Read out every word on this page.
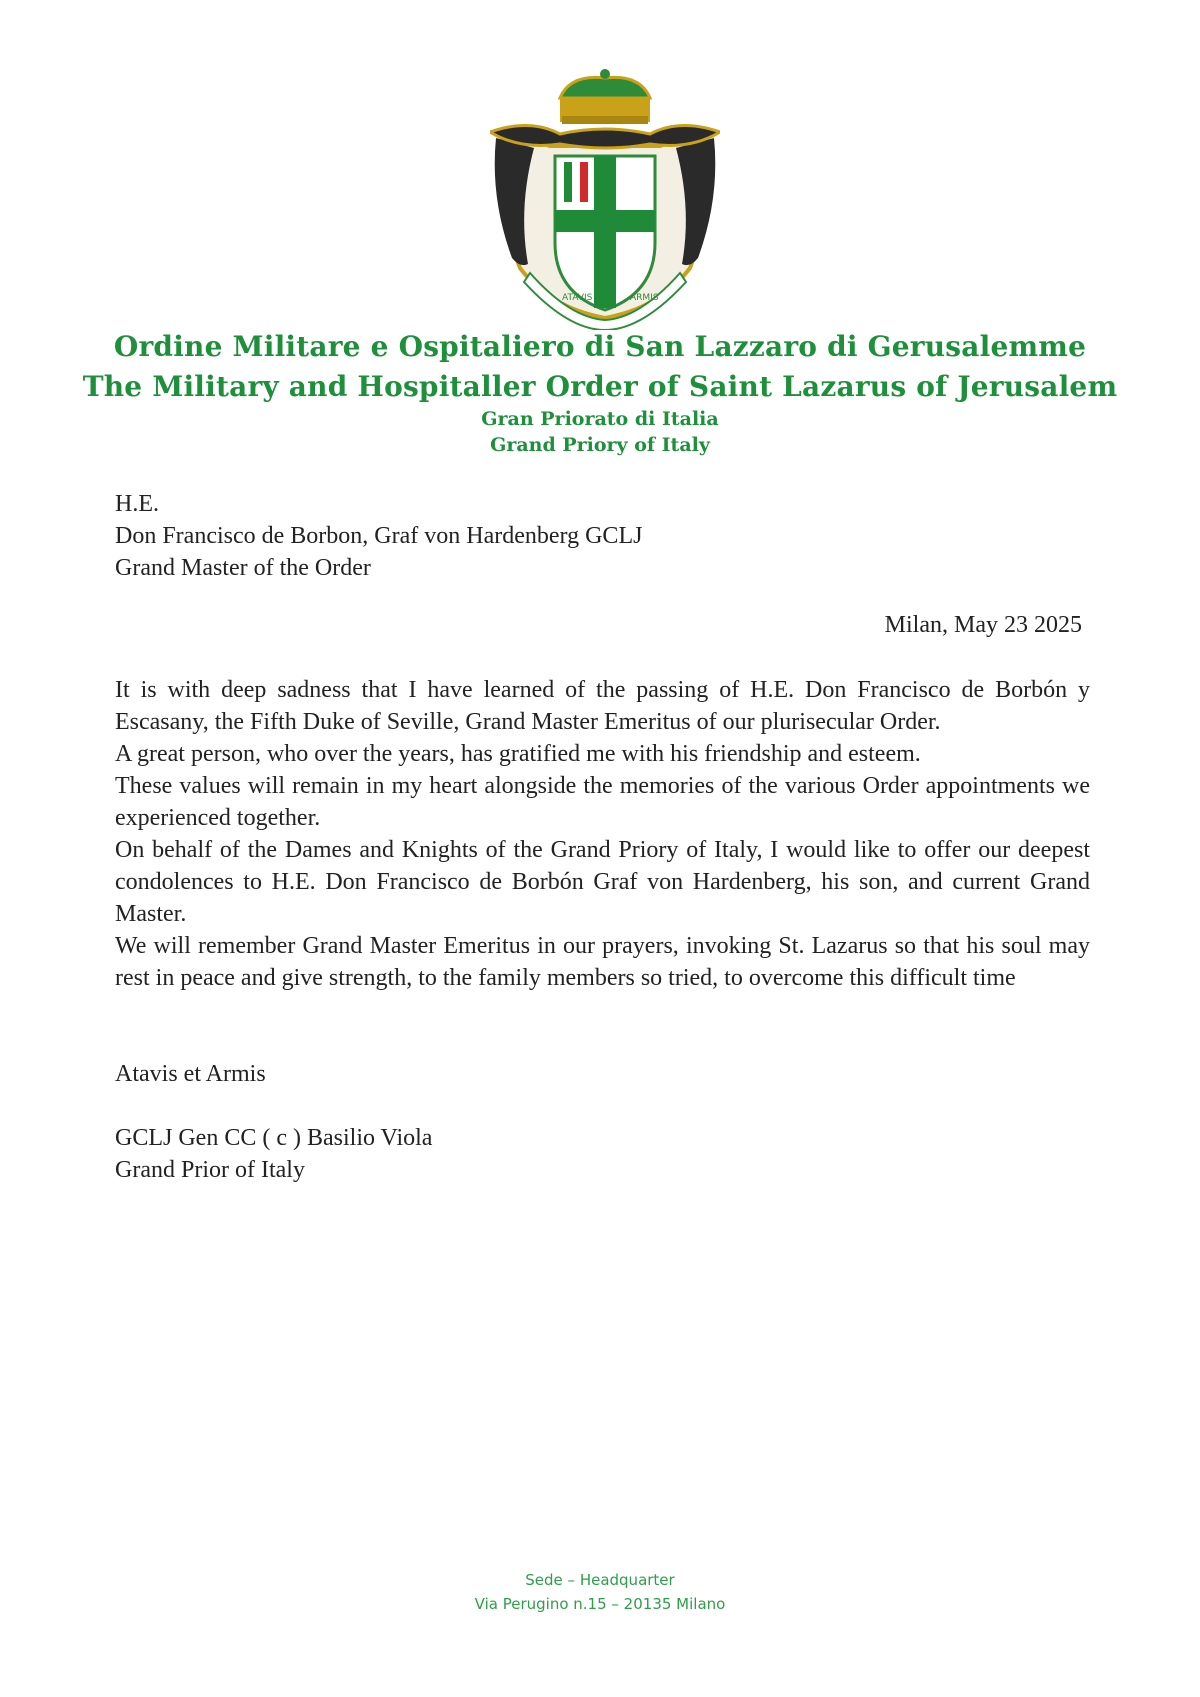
ATAVIS	ARMIS
Ordine Militare e Ospitaliero di San Lazzaro di Gerusalemme
The Military and Hospitaller Order of Saint Lazarus of Jerusalem
Gran Priorato di Italia
Grand Priory of Italy
H.E.
Don Francisco de Borbon, Graf von Hardenberg GCLJ
Grand Master of the Order
Milan, May 23 2025

It is with deep sadness that I have learned of the passing of H.E. Don Francisco de Borbón y Escasany, the Fifth Duke of Seville, Grand Master Emeritus of our plurisecular Order.

A great person, who over the years, has gratified me with his friendship and esteem.

These values will remain in my heart alongside the memories of the various Order appointments we experienced together.

On behalf of the Dames and Knights of the Grand Priory of Italy, I would like to offer our deepest condolences to H.E. Don Francisco de Borbón Graf von Hardenberg, his son, and current Grand Master.

We will remember Grand Master Emeritus in our prayers, invoking St. Lazarus so that his soul may rest in peace and give strength, to the family members so tried, to overcome this difficult time

Atavis et Armis
GCLJ Gen CC ( c ) Basilio Viola
Grand Prior of Italy
Sede – Headquarter
Via Perugino n.15 – 20135 Milano
